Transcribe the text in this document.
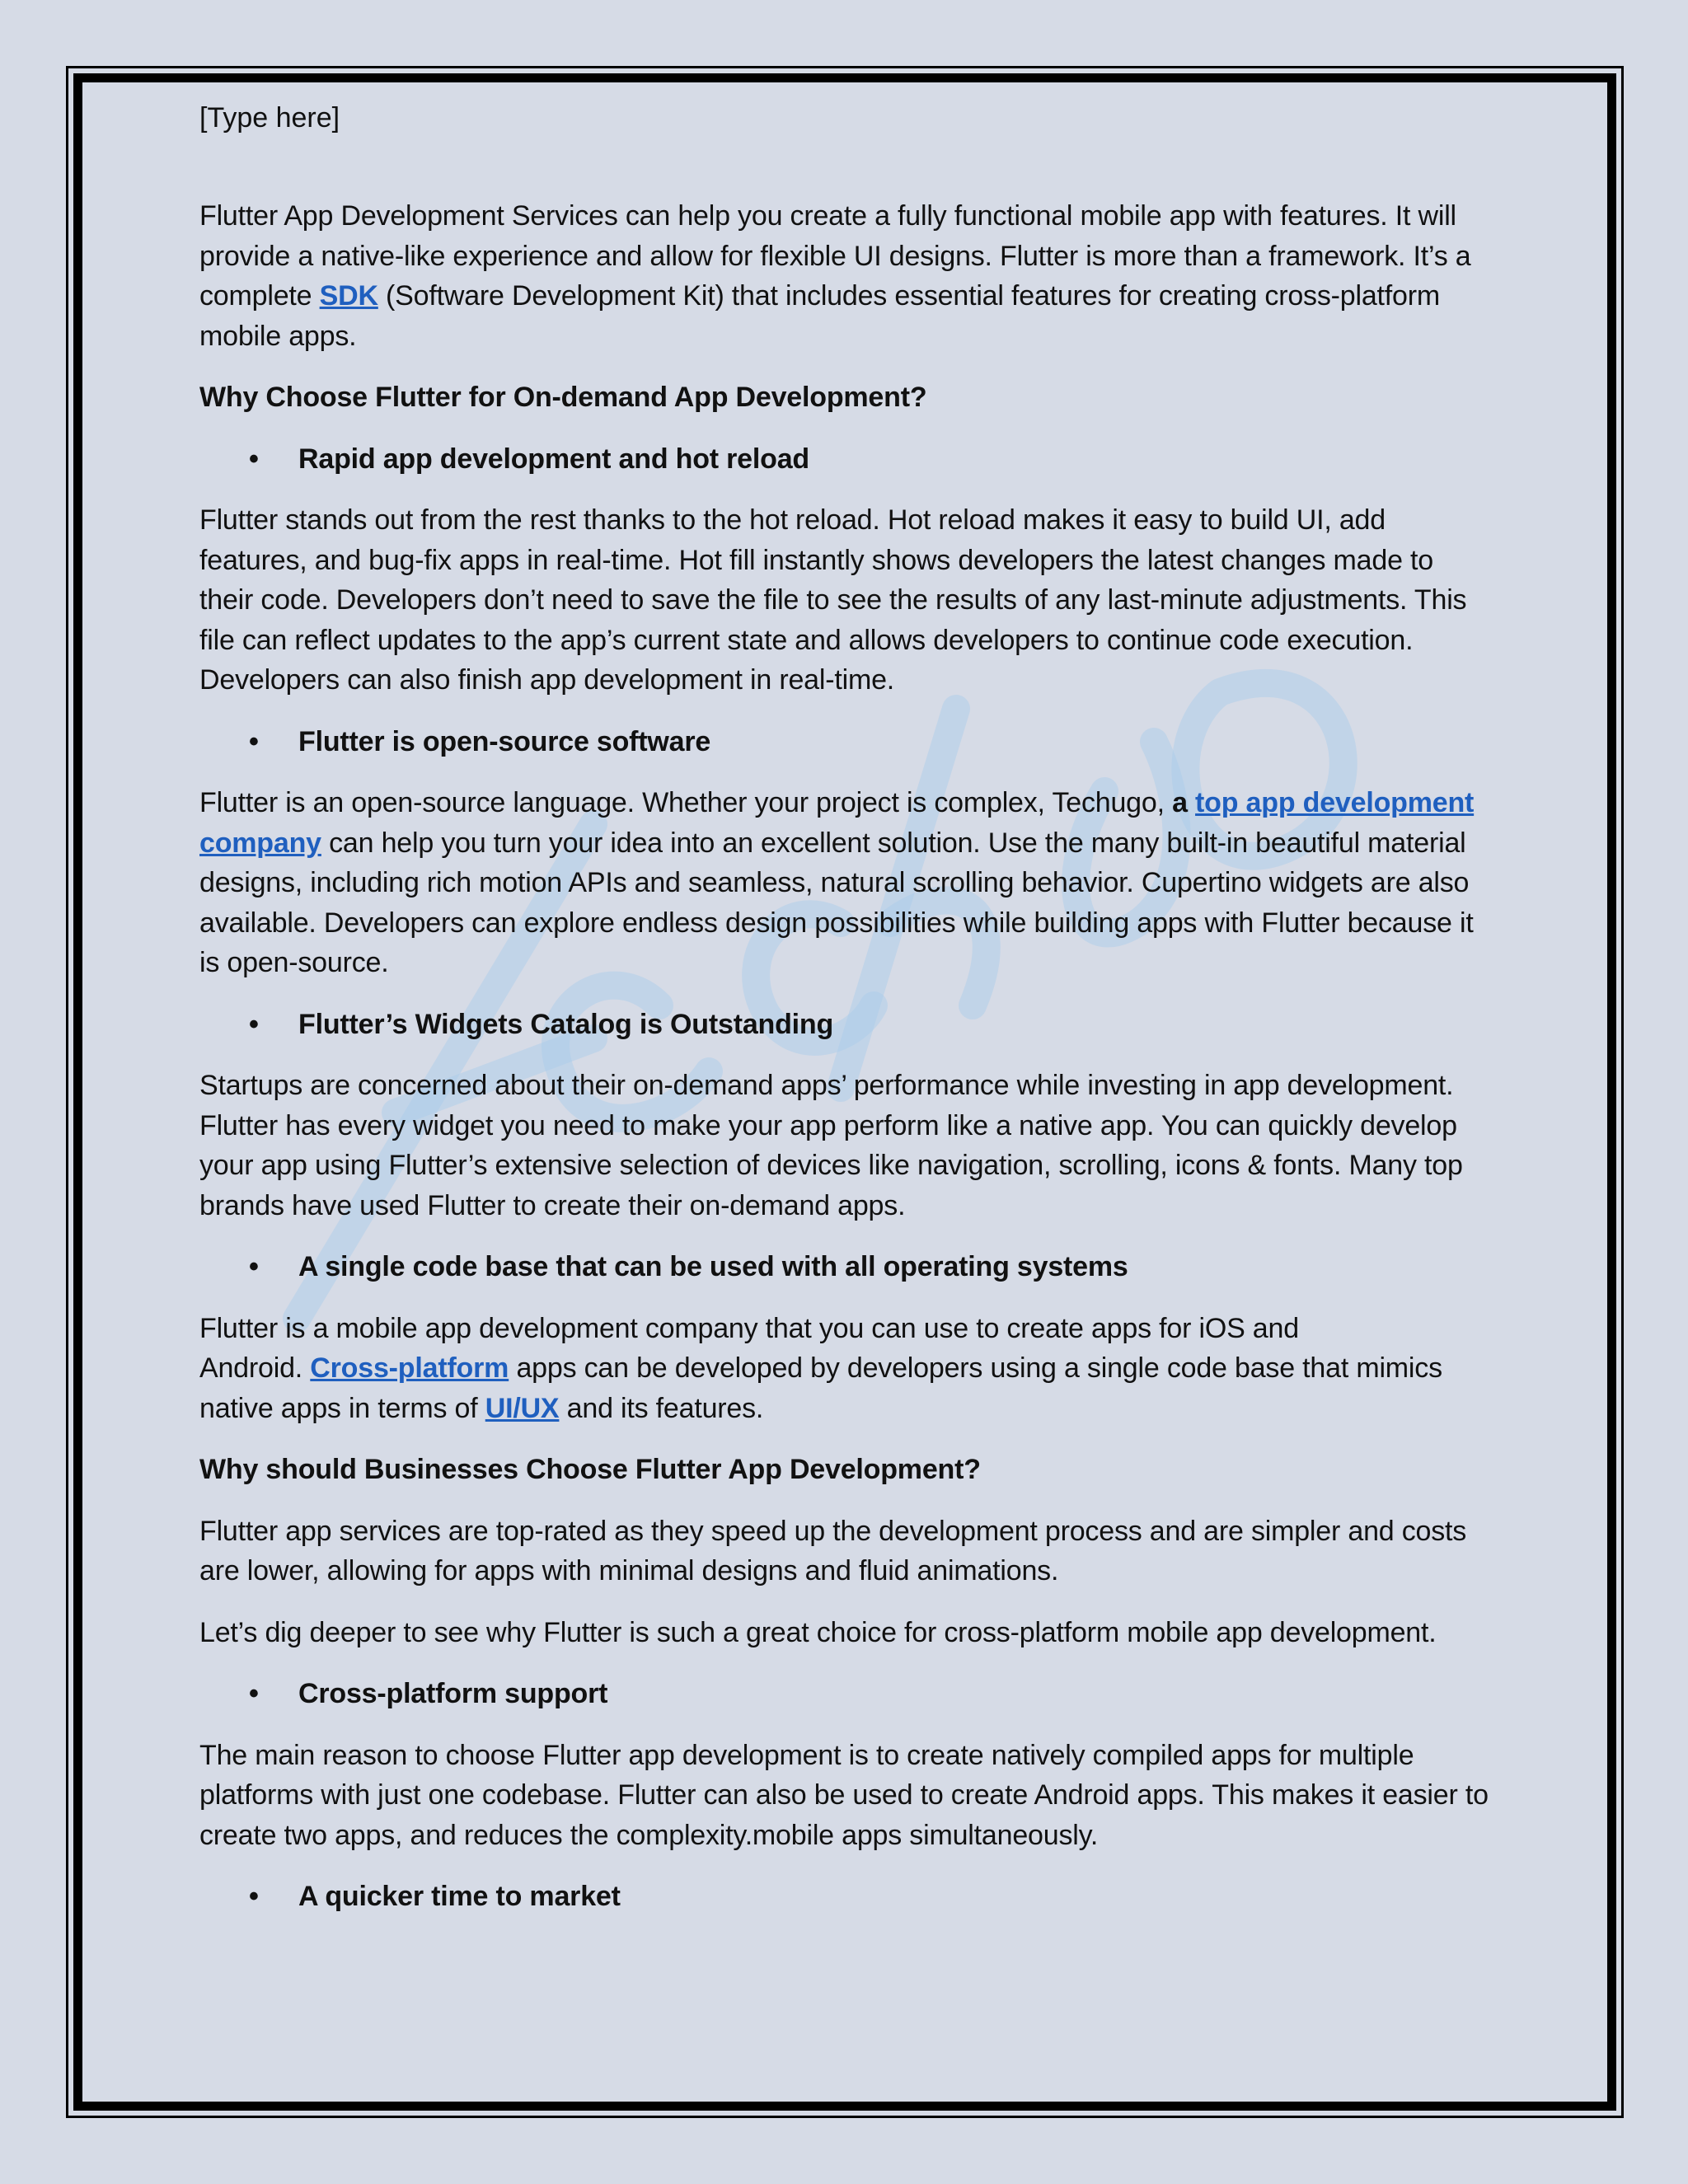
[Type here]

Flutter App Development Services can help you create a fully functional mobile app with features. It will provide a native-like experience and allow for flexible UI designs. Flutter is more than a framework. It’s a complete SDK (Software Development Kit) that includes essential features for creating cross-platform mobile apps.

Why Choose Flutter for On-demand App Development?

• Rapid app development and hot reload

Flutter stands out from the rest thanks to the hot reload. Hot reload makes it easy to build UI, add features, and bug-fix apps in real-time. Hot fill instantly shows developers the latest changes made to their code. Developers don’t need to save the file to see the results of any last-minute adjustments. This file can reflect updates to the app’s current state and allows developers to continue code execution. Developers can also finish app development in real-time.

• Flutter is open-source software

Flutter is an open-source language. Whether your project is complex, Techugo, a top app development company can help you turn your idea into an excellent solution. Use the many built-in beautiful material designs, including rich motion APIs and seamless, natural scrolling behavior. Cupertino widgets are also available. Developers can explore endless design possibilities while building apps with Flutter because it is open-source.

• Flutter’s Widgets Catalog is Outstanding

Startups are concerned about their on-demand apps’ performance while investing in app development. Flutter has every widget you need to make your app perform like a native app. You can quickly develop your app using Flutter’s extensive selection of devices like navigation, scrolling, icons & fonts. Many top brands have used Flutter to create their on-demand apps.

• A single code base that can be used with all operating systems

Flutter is a mobile app development company that you can use to create apps for iOS and
Android. Cross-platform apps can be developed by developers using a single code base that mimics native apps in terms of UI/UX and its features.

Why should Businesses Choose Flutter App Development?

Flutter app services are top-rated as they speed up the development process and are simpler and costs are lower, allowing for apps with minimal designs and fluid animations.

Let’s dig deeper to see why Flutter is such a great choice for cross-platform mobile app development.

• Cross-platform support

The main reason to choose Flutter app development is to create natively compiled apps for multiple platforms with just one codebase. Flutter can also be used to create Android apps. This makes it easier to create two apps, and reduces the complexity.mobile apps simultaneously.

• A quicker time to market
